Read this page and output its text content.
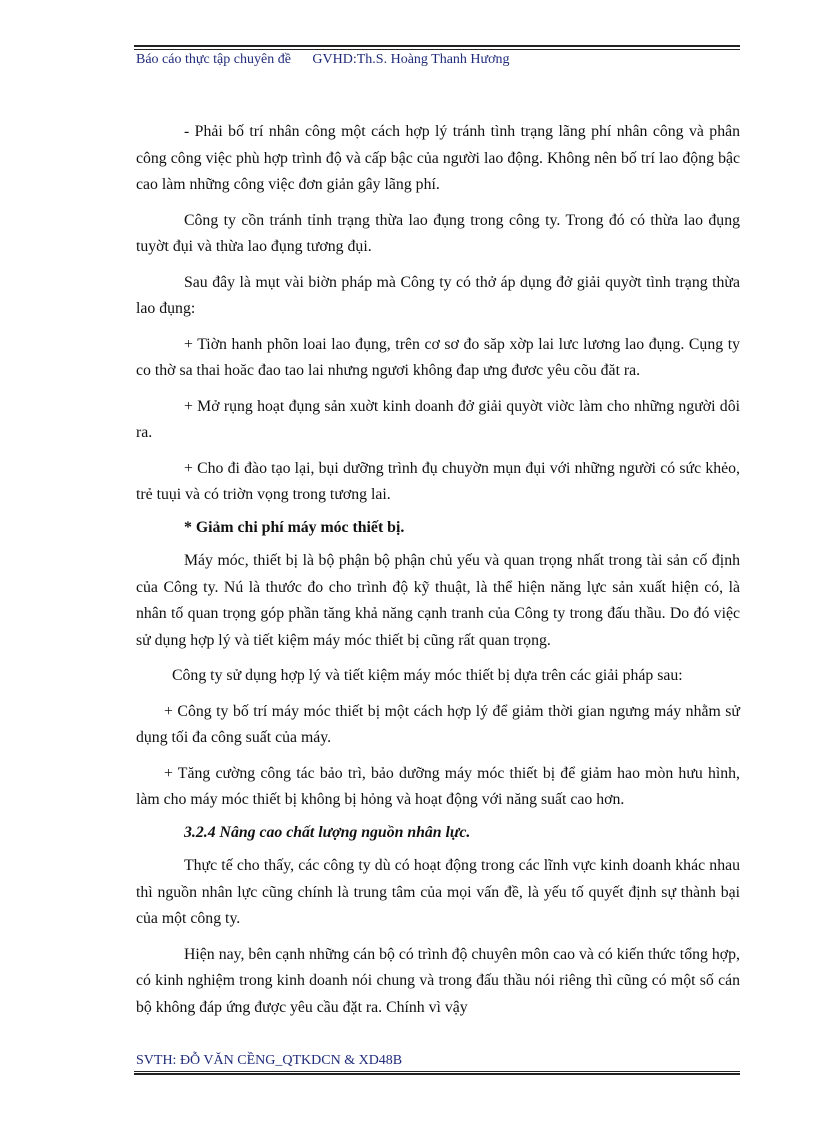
Báo cáo thực tập chuyên đề GVHD:Th.S. Hoàng Thanh Hương

- Phải bố trí nhân công một cách hợp lý tránh tình trạng lãng phí nhân công và phân công công việc phù hợp trình độ và cấp bậc của người lao động. Không nên bố trí lao động bậc cao làm những công việc đơn giản gây lãng phí.

Công ty cồn tránh tỉnh trạng thừa lao đụng trong công ty. Trong đó có thừa lao đụng tuyờt đụi và thừa lao đụng tương đụi.

Sau đây là mụt vài biờn pháp mà Công ty có thở áp dụng đở giải quyờt tình trạng thừa lao đụng:

+ Tiờn hanh phõn loai lao đụng, trên cơ sơ đo săp xờp lai lưc lương lao đụng. Cụng ty co thờ sa thai hoăc đao tao lai nhưng ngươi không đap ưng đươc yêu cõu đăt ra.

+ Mở rụng hoạt đụng sản xuờt kinh doanh đở giải quyờt viờc làm cho những người dôi ra.

+ Cho đi đào tạo lại, bụi dưỡng trình đụ chuyờn mụn đụi với những người có sức khẻo, trẻ tuụi và có triờn vọng trong tương lai.

* Giảm chi phí máy móc thiết bị.

Máy móc, thiết bị là bộ phận bộ phận chủ yếu và quan trọng nhất trong tài sản cố định của Công ty. Nú là thước đo cho trình độ kỹ thuật, là thể hiện năng lực sản xuất hiện có, là nhân tố quan trọng góp phần tăng khả năng cạnh tranh của Công ty trong đấu thầu. Do đó việc sử dụng hợp lý và tiết kiệm máy móc thiết bị cũng rất quan trọng.

Công ty sử dụng hợp lý và tiết kiệm máy móc thiết bị dựa trên các giải pháp sau:

+ Công ty bố trí máy móc thiết bị một cách hợp lý để giảm thời gian ngưng máy nhằm sử dụng tối đa công suất của máy.

+ Tăng cường công tác bảo trì, bảo dưỡng máy móc thiết bị để giảm hao mòn hưu hình, làm cho máy móc thiết bị không bị hỏng và hoạt động với năng suất cao hơn.

3.2.4 Nâng cao chất lượng nguồn nhân lực.

Thực tế cho thấy, các công ty dù có hoạt động trong các lĩnh vực kinh doanh khác nhau thì nguồn nhân lực cũng chính là trung tâm của mọi vấn đề, là yếu tố quyết định sự thành bại của một công ty.

Hiện nay, bên cạnh những cán bộ có trình độ chuyên môn cao và có kiến thức tổng hợp, có kinh nghiệm trong kinh doanh nói chung và trong đấu thầu nói riêng thì cũng có một số cán bộ không đáp ứng được yêu cầu đặt ra. Chính vì vậy

SVTH: ĐỖ VĂN CỀNG_QTKDCN & XD48B
